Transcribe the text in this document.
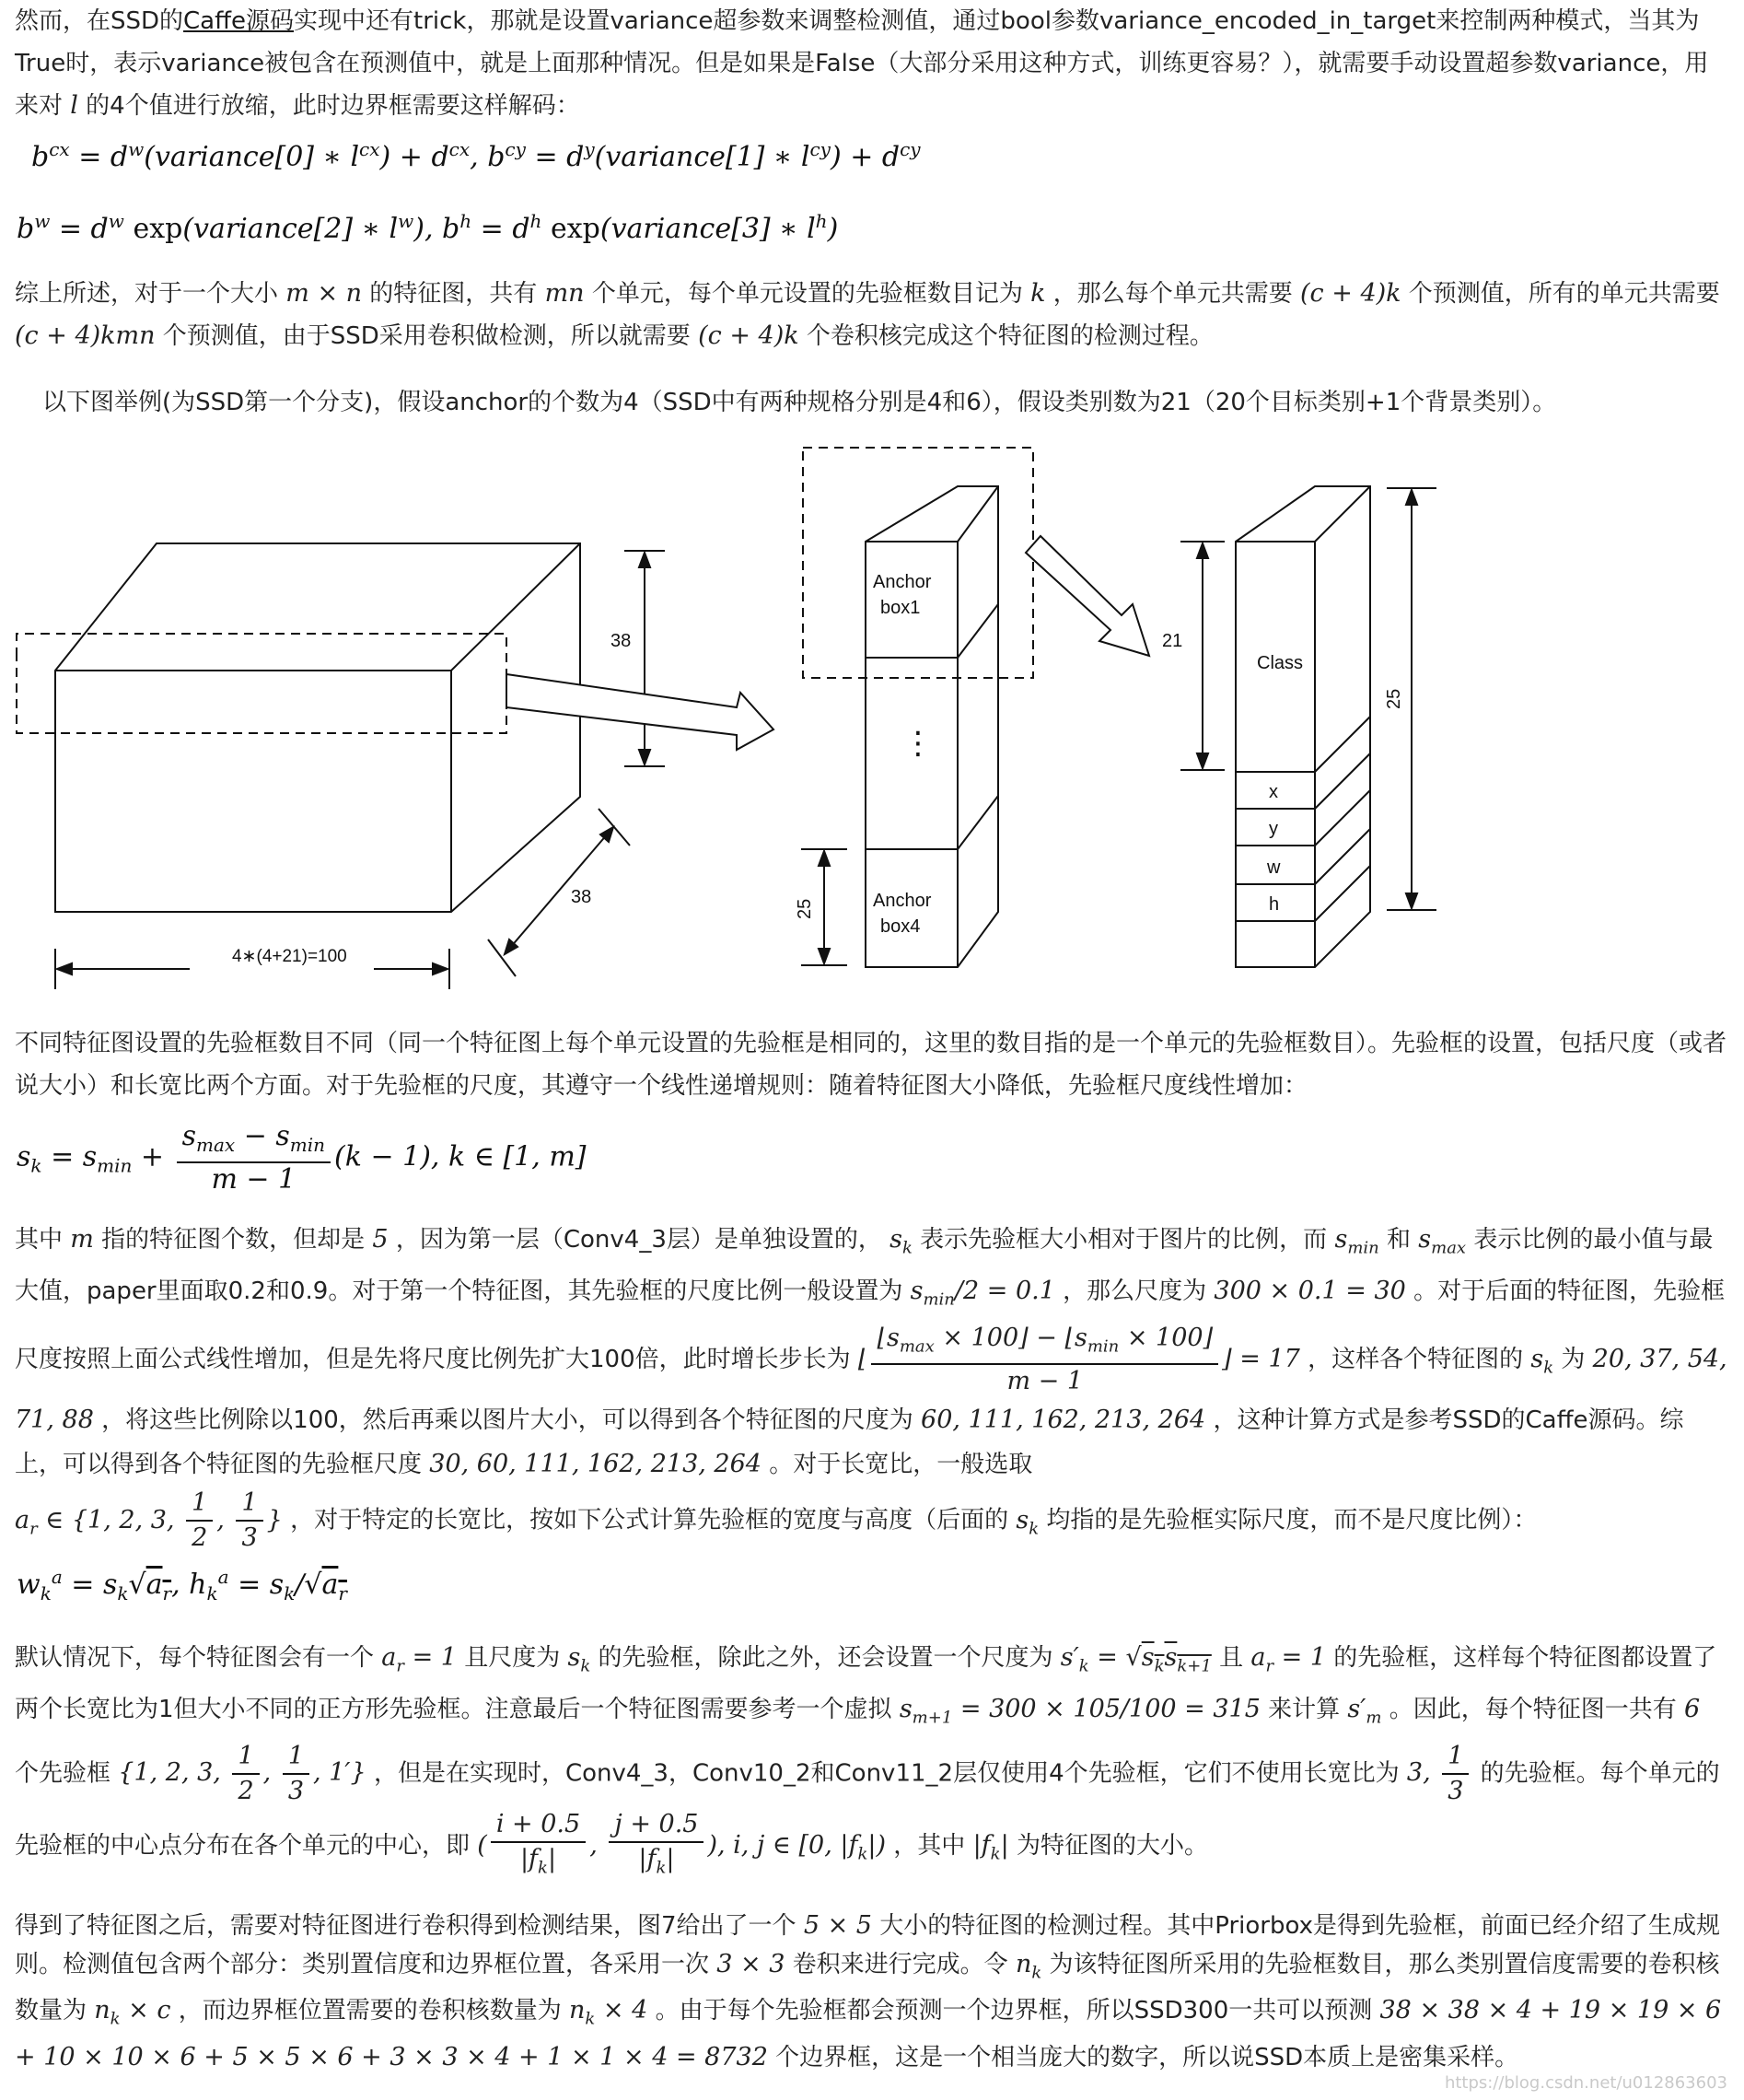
然而，在SSD的Caffe源码实现中还有trick，那就是设置variance超参数来调整检测值，通过bool参数variance_encoded_in_target来控制两种模式，当其为True时，表示variance被包含在预测值中，就是上面那种情况。但是如果是False（大部分采用这种方式，训练更容易？），就需要手动设置超参数variance，用来对 l 的4个值进行放缩，此时边界框需要这样解码：

$b^{cx}$ = $d^w(variance[0]$ ∗ $l^{cx}) + d^{cx}$, $b^{cy}$ = $d^y(variance[1]$ ∗ $l^{cy}) + d^{cy}$
$b^w = d^w$ exp(variance[2] ∗ $l^w$), $b^h = d^h$ exp(variance[3] ∗ $l^h$)

综上所述，对于一个大小 m × n 的特征图，共有 mn 个单元，每个单元设置的先验框数目记为 k ，那么每个单元共需要 (c + 4)k 个预测值，所有的单元共需要 (c + 4)kmn 个预测值，由于SSD采用卷积做检测，所以就需要 (c + 4)k 个卷积核完成这个特征图的检测过程。

以下图举例(为SSD第一个分支)，假设anchor的个数为4（SSD中有两种规格分别是4和6），假设类别数为21（20个目标类别+1个背景类别）。

38
38
4∗(4+21)=100
Anchor
box1
⋮
Anchor
box4
25
21
Class
x
y
w
h
25

不同特征图设置的先验框数目不同（同一个特征图上每个单元设置的先验框是相同的，这里的数目指的是一个单元的先验框数目）。先验框的设置，包括尺度（或者说大小）和长宽比两个方面。对于先验框的尺度，其遵守一个线性递增规则：随着特征图大小降低，先验框尺度线性增加：

$s_k = s_{min} + \frac{s_{max} - s_{min}}{m - 1} (k - 1)$, k ∈ [1, m]

其中 m 指的特征图个数，但却是 5 ，因为第一层（Conv4_3层）是单独设置的， $s_k$ 表示先验框大小相对于图片的比例，而 $s_{min}$ 和 $s_{max}$ 表示比例的最小值与最大值，paper里面取0.2和0.9。对于第一个特征图，其先验框的尺度比例一般设置为 $s_{min}/2 = 0.1$ ，那么尺度为 300 × 0.1 = 30 。对于后面的特征图，先验框尺度按照上面公式线性增加，但是先将尺度比例先扩大100倍，此时增长步长为 ⌊ $\frac{⌊s_{max} \times 100⌋ - ⌊s_{min} \times 100⌋}{m - 1}$ ⌋ = 17 ，这样各个特征图的 $s_k$ 为 20, 37, 54, 71, 88 ，将这些比例除以100，然后再乘以图片大小，可以得到各个特征图的尺度为 60, 111, 162, 213, 264 ，这种计算方式是参考SSD的Caffe源码。综上，可以得到各个特征图的先验框尺度 30, 60, 111, 162, 213, 264 。对于长宽比，一般选取
$a_r$ ∈ {1, 2, 3, $\frac{1}{2}$ , $\frac{1}{3}$ } ，对于特定的长宽比，按如下公式计算先验框的宽度与高度（后面的 $s_k$ 均指的是先验框实际尺度，而不是尺度比例）：

$w_k^a = s_k√a_r$, $h_k^a = s_k/√a_r$

默认情况下，每个特征图会有一个 $a_r = 1$ 且尺度为 $s_k$ 的先验框，除此之外，还会设置一个尺度为 $s'_k = √s_ks_{k+1}$ 且 $a_r = 1$ 的先验框，这样每个特征图都设置了两个长宽比为1但大小不同的正方形先验框。注意最后一个特征图需要参考一个虚拟 $s_{m+1} = 300 \times 105/100 = 315$ 来计算 $s'_m$ 。因此，每个特征图一共有 6 个先验框 {1, 2, 3, $\frac{1}{2}$ , $\frac{1}{3}$ , 1′} ，但是在实现时，Conv4_3，Conv10_2和Conv11_2层仅使用4个先验框，它们不使用长宽比为 3, $\frac{1}{3}$ 的先验框。每个单元的先验框的中心点分布在各个单元的中心，即 ( $\frac{i + 0.5}{|f_k|}$ , $\frac{j + 0.5}{|f_k|}$ ), i, j ∈ [0, $|f_k|$) ，其中 $|f_k|$ 为特征图的大小。

得到了特征图之后，需要对特征图进行卷积得到检测结果，图7给出了一个 5 × 5 大小的特征图的检测过程。其中Priorbox是得到先验框，前面已经介绍了生成规则。检测值包含两个部分：类别置信度和边界框位置，各采用一次 3 × 3 卷积来进行完成。令 $n_k$ 为该特征图所采用的先验框数目，那么类别置信度需要的卷积核数量为 $n_k \times c$ ，而边界框位置需要的卷积核数量为 $n_k \times 4$ 。由于每个先验框都会预测一个边界框，所以SSD300一共可以预测 38 × 38 × 4 + 19 × 19 × 6 + 10 × 10 × 6 + 5 × 5 × 6 + 3 × 3 × 4 + 1 × 1 × 4 = 8732 个边界框，这是一个相当庞大的数字，所以说SSD本质上是密集采样。

https://blog.csdn.net/u012863603
